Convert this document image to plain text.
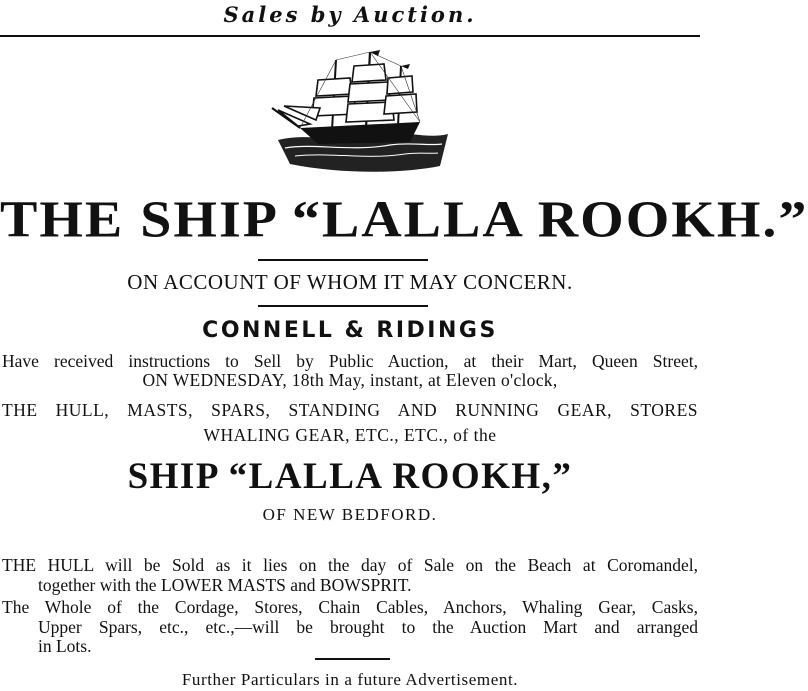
Sales by Auction.
THE SHIP “LALLA ROOKH.”
ON ACCOUNT OF WHOM IT MAY CONCERN.
CONNELL & RIDINGS
Have received instructions to Sell by Public Auction, at their Mart, Queen Street,
ON WEDNESDAY, 18th May, instant, at Eleven o'clock,
THE HULL, MASTS, SPARS, STANDING AND RUNNING GEAR, STORES
WHALING GEAR, ETC., ETC., of the
SHIP “LALLA ROOKH,”
OF NEW BEDFORD.
THE HULL will be Sold as it lies on the day of Sale on the Beach at Coromandel,
together with the LOWER MASTS and BOWSPRIT.
The Whole of the Cordage, Stores, Chain Cables, Anchors, Whaling Gear, Casks,
Upper Spars, etc., etc.,—will be brought to the Auction Mart and arranged
in Lots.
Further Particulars in a future Advertisement.
